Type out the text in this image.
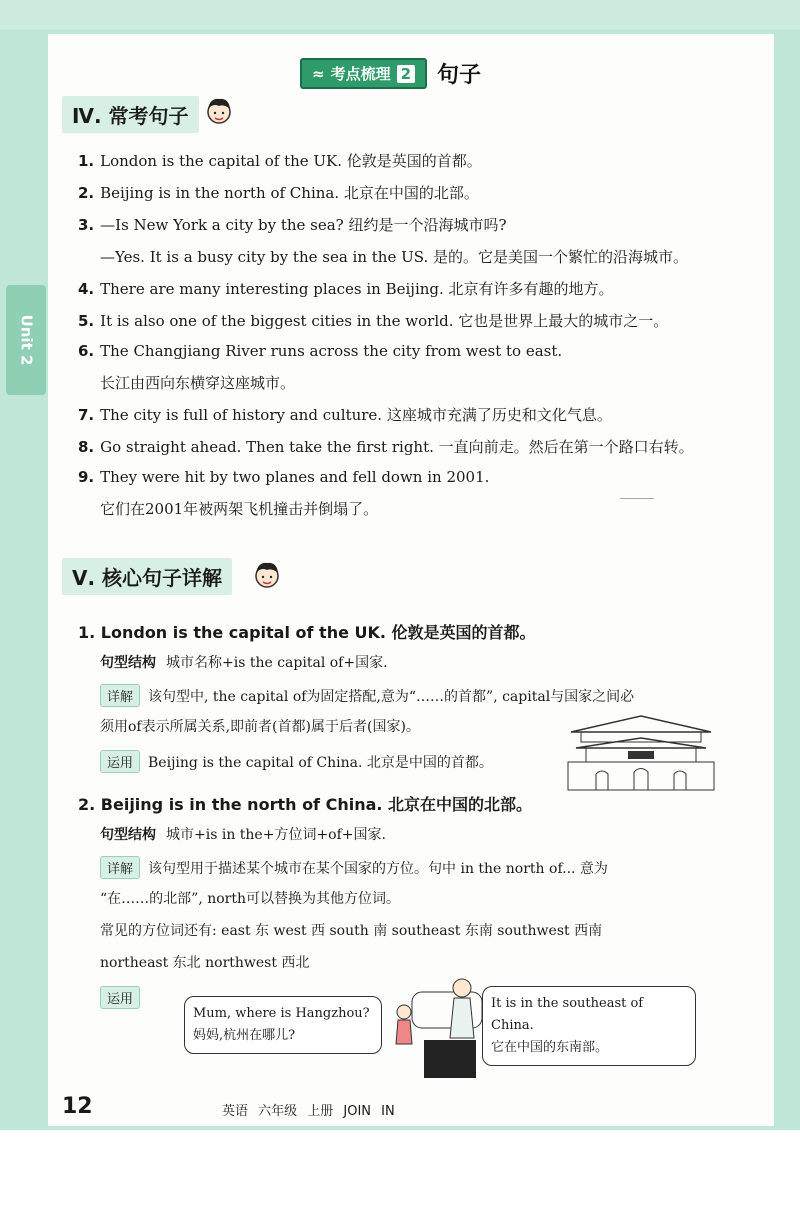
Unit 2
≈ 考点梳理 2 句子
Ⅳ. 常考句子
1. London is the capital of the UK. 伦敦是英国的首都。
2. Beijing is in the north of China. 北京在中国的北部。
3. —Is New York a city by the sea? 纽约是一个沿海城市吗?
—Yes. It is a busy city by the sea in the US. 是的。它是美国一个繁忙的沿海城市。
4. There are many interesting places in Beijing. 北京有许多有趣的地方。
5. It is also one of the biggest cities in the world. 它也是世界上最大的城市之一。
6. The Changjiang River runs across the city from west to east.
长江由西向东横穿这座城市。
7. The city is full of history and culture. 这座城市充满了历史和文化气息。
8. Go straight ahead. Then take the first right. 一直向前走。然后在第一个路口右转。
9. They were hit by two planes and fell down in 2001.
它们在2001年被两架飞机撞击并倒塌了。
Ⅴ. 核心句子详解
1. London is the capital of the UK. 伦敦是英国的首都。
句型结构 城市名称+is the capital of+国家.
详解 该句型中, the capital of为固定搭配,意为“……的首都”, capital与国家之间必
须用of表示所属关系,即前者(首都)属于后者(国家)。
运用 Beijing is the capital of China. 北京是中国的首都。
2. Beijing is in the north of China. 北京在中国的北部。
句型结构 城市+is in the+方位词+of+国家.
详解 该句型用于描述某个城市在某个国家的方位。句中 in the north of... 意为
“在……的北部”, north可以替换为其他方位词。
常见的方位词还有: east 东 west 西 south 南 southeast 东南 southwest 西南
northeast 东北 northwest 西北
运用
Mum, where is Hangzhou?
妈妈,杭州在哪儿?
It is in the southeast of China.
它在中国的东南部。
12	英语 六年级 上册 JOIN IN
